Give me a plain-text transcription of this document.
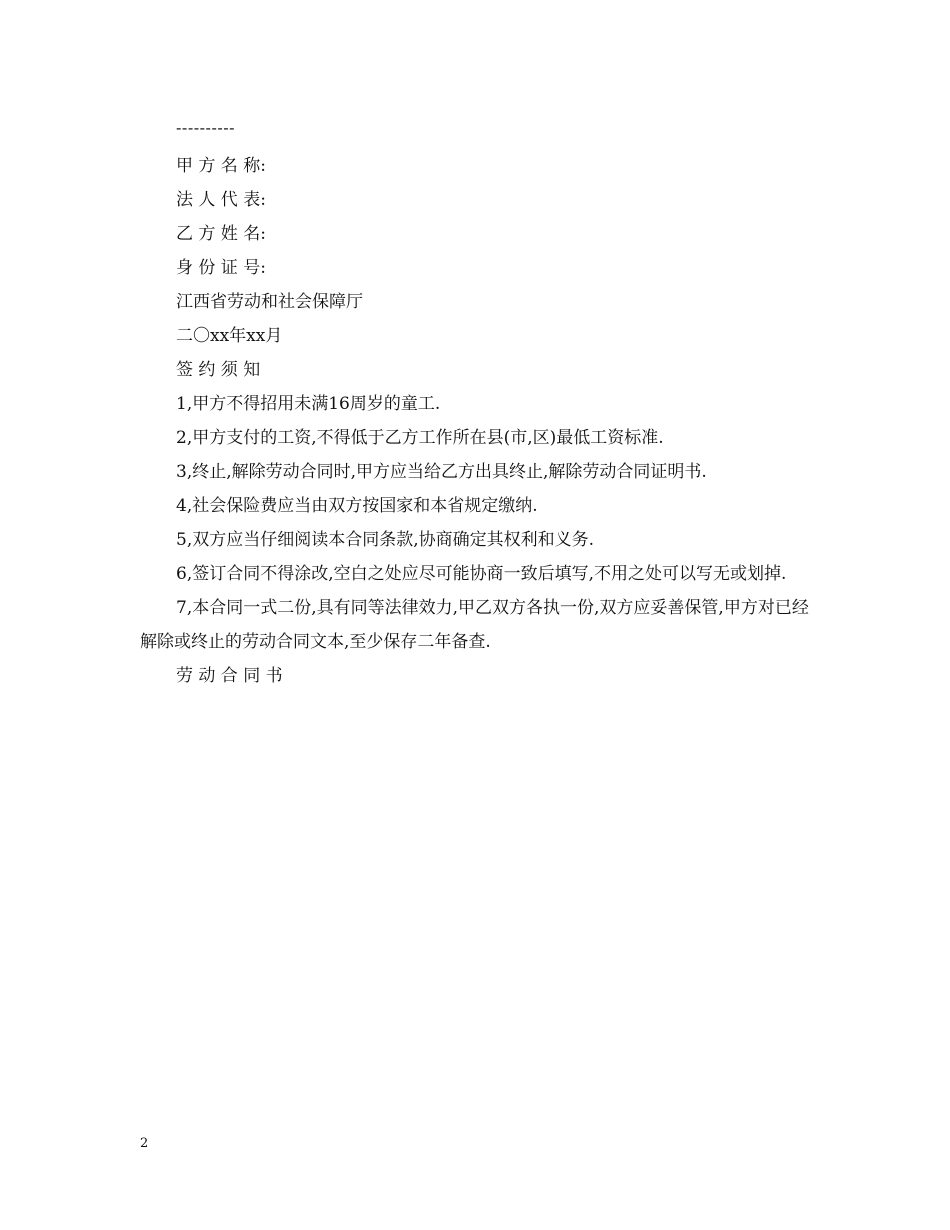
----------

甲 方 名 称:

法 人 代 表:

乙 方 姓 名:

身 份 证 号:

江西省劳动和社会保障厅

二〇xx年xx月

签 约 须 知

1,甲方不得招用未满16周岁的童工.

2,甲方支付的工资,不得低于乙方工作所在县(市,区)最低工资标准.

3,终止,解除劳动合同时,甲方应当给乙方出具终止,解除劳动合同证明书.

4,社会保险费应当由双方按国家和本省规定缴纳.

5,双方应当仔细阅读本合同条款,协商确定其权利和义务.

6,签订合同不得涂改,空白之处应尽可能协商一致后填写,不用之处可以写无或划掉.

7,本合同一式二份,具有同等法律效力,甲乙双方各执一份,双方应妥善保管,甲方对已经解除或终止的劳动合同文本,至少保存二年备查.

劳 动 合 同 书

2
